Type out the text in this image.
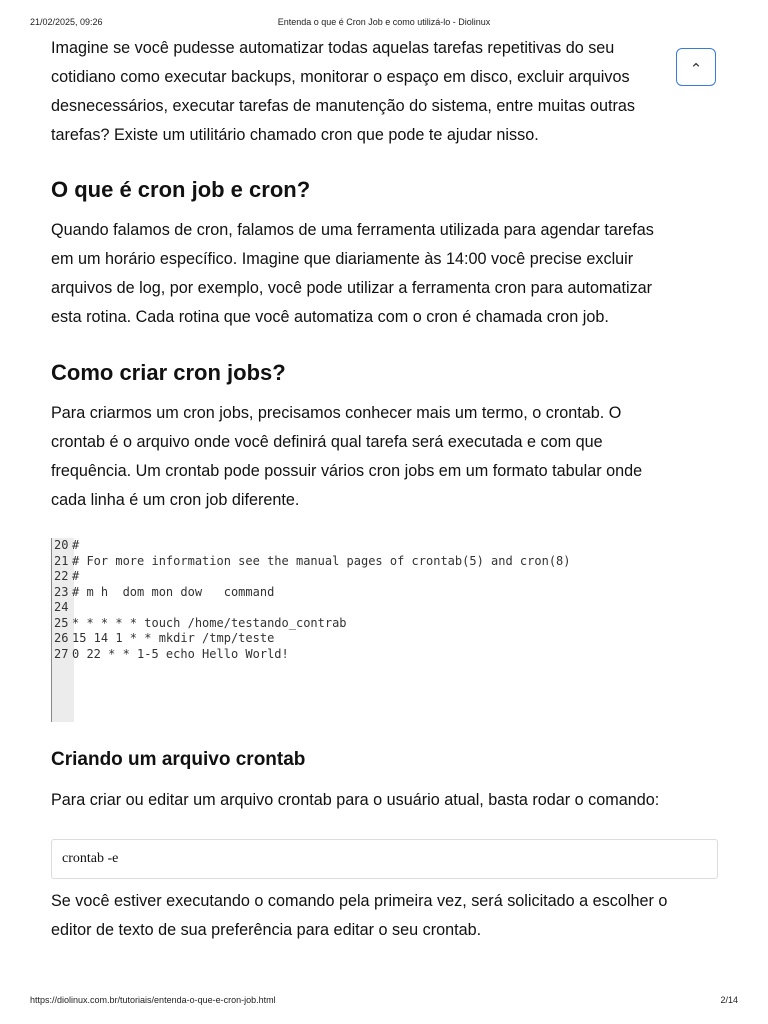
21/02/2025, 09:26	Entenda o que é Cron Job e como utilizá-lo - Diolinux
⌃

Imagine se você pudesse automatizar todas aquelas tarefas repetitivas do seu
cotidiano como executar backups, monitorar o espaço em disco, excluir arquivos
desnecessários, executar tarefas de manutenção do sistema, entre muitas outras
tarefas? Existe um utilitário chamado cron que pode te ajudar nisso.

O que é cron job e cron?

Quando falamos de cron, falamos de uma ferramenta utilizada para agendar tarefas
em um horário específico. Imagine que diariamente às 14:00 você precise excluir
arquivos de log, por exemplo, você pode utilizar a ferramenta cron para automatizar
esta rotina. Cada rotina que você automatiza com o cron é chamada cron job.

Como criar cron jobs?

Para criarmos um cron jobs, precisamos conhecer mais um termo, o crontab. O
crontab é o arquivo onde você definirá qual tarefa será executada e com que
frequência. Um crontab pode possuir vários cron jobs em um formato tabular onde
cada linha é um cron job diferente.

Criando um arquivo crontab

Para criar ou editar um arquivo crontab para o usuário atual, basta rodar o comando:

Se você estiver executando o comando pela primeira vez, será solicitado a escolher o
editor de texto de sua preferência para editar o seu crontab.

20 #
21 # For more information see the manual pages of crontab(5) and cron(8)
22 #
23 # m h  dom mon dow   command
24
25 * * * * * touch /home/testando_contrab
26 15 14 1 * * mkdir /tmp/teste
27 0 22 * * 1-5 echo Hello World!
crontab -e
https://diolinux.com.br/tutoriais/entenda-o-que-e-cron-job.html	2/14
